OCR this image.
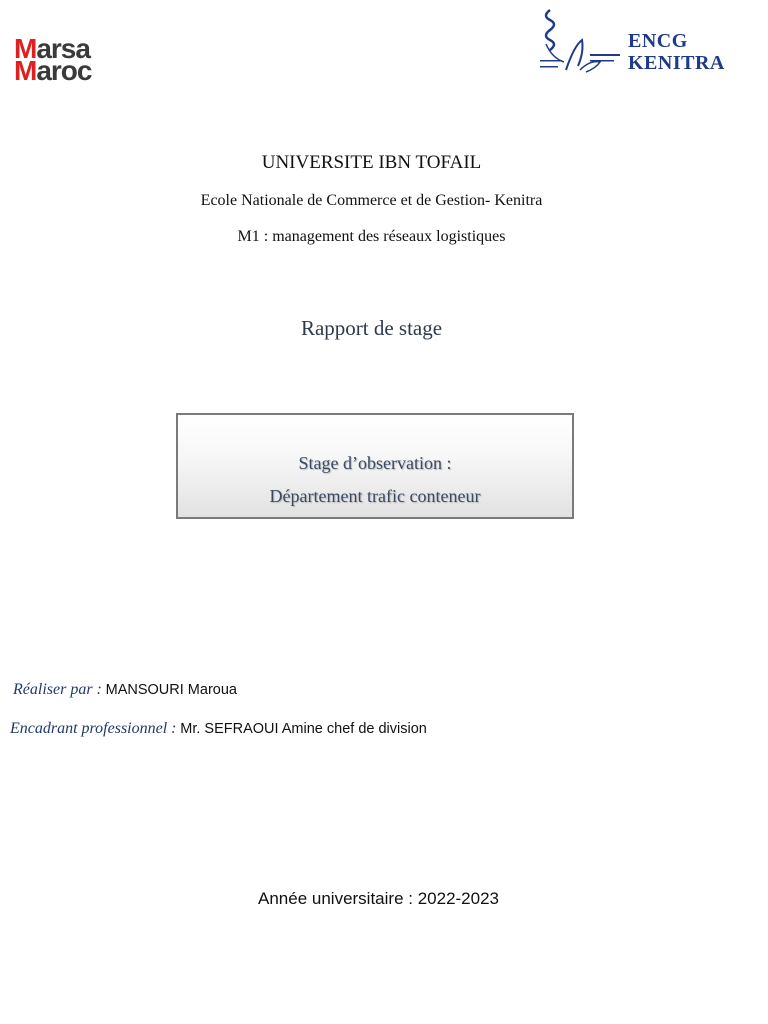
Marsa
Maroc
ENCG
KENITRA
UNIVERSITE IBN TOFAIL
Ecole Nationale de Commerce et de Gestion- Kenitra
M1 : management des réseaux logistiques
Rapport de stage
Stage d’observation :
Département trafic conteneur
Réaliser par : MANSOURI Maroua
Encadrant professionnel : Mr. SEFRAOUI Amine chef de division
Année universitaire : 2022-2023
